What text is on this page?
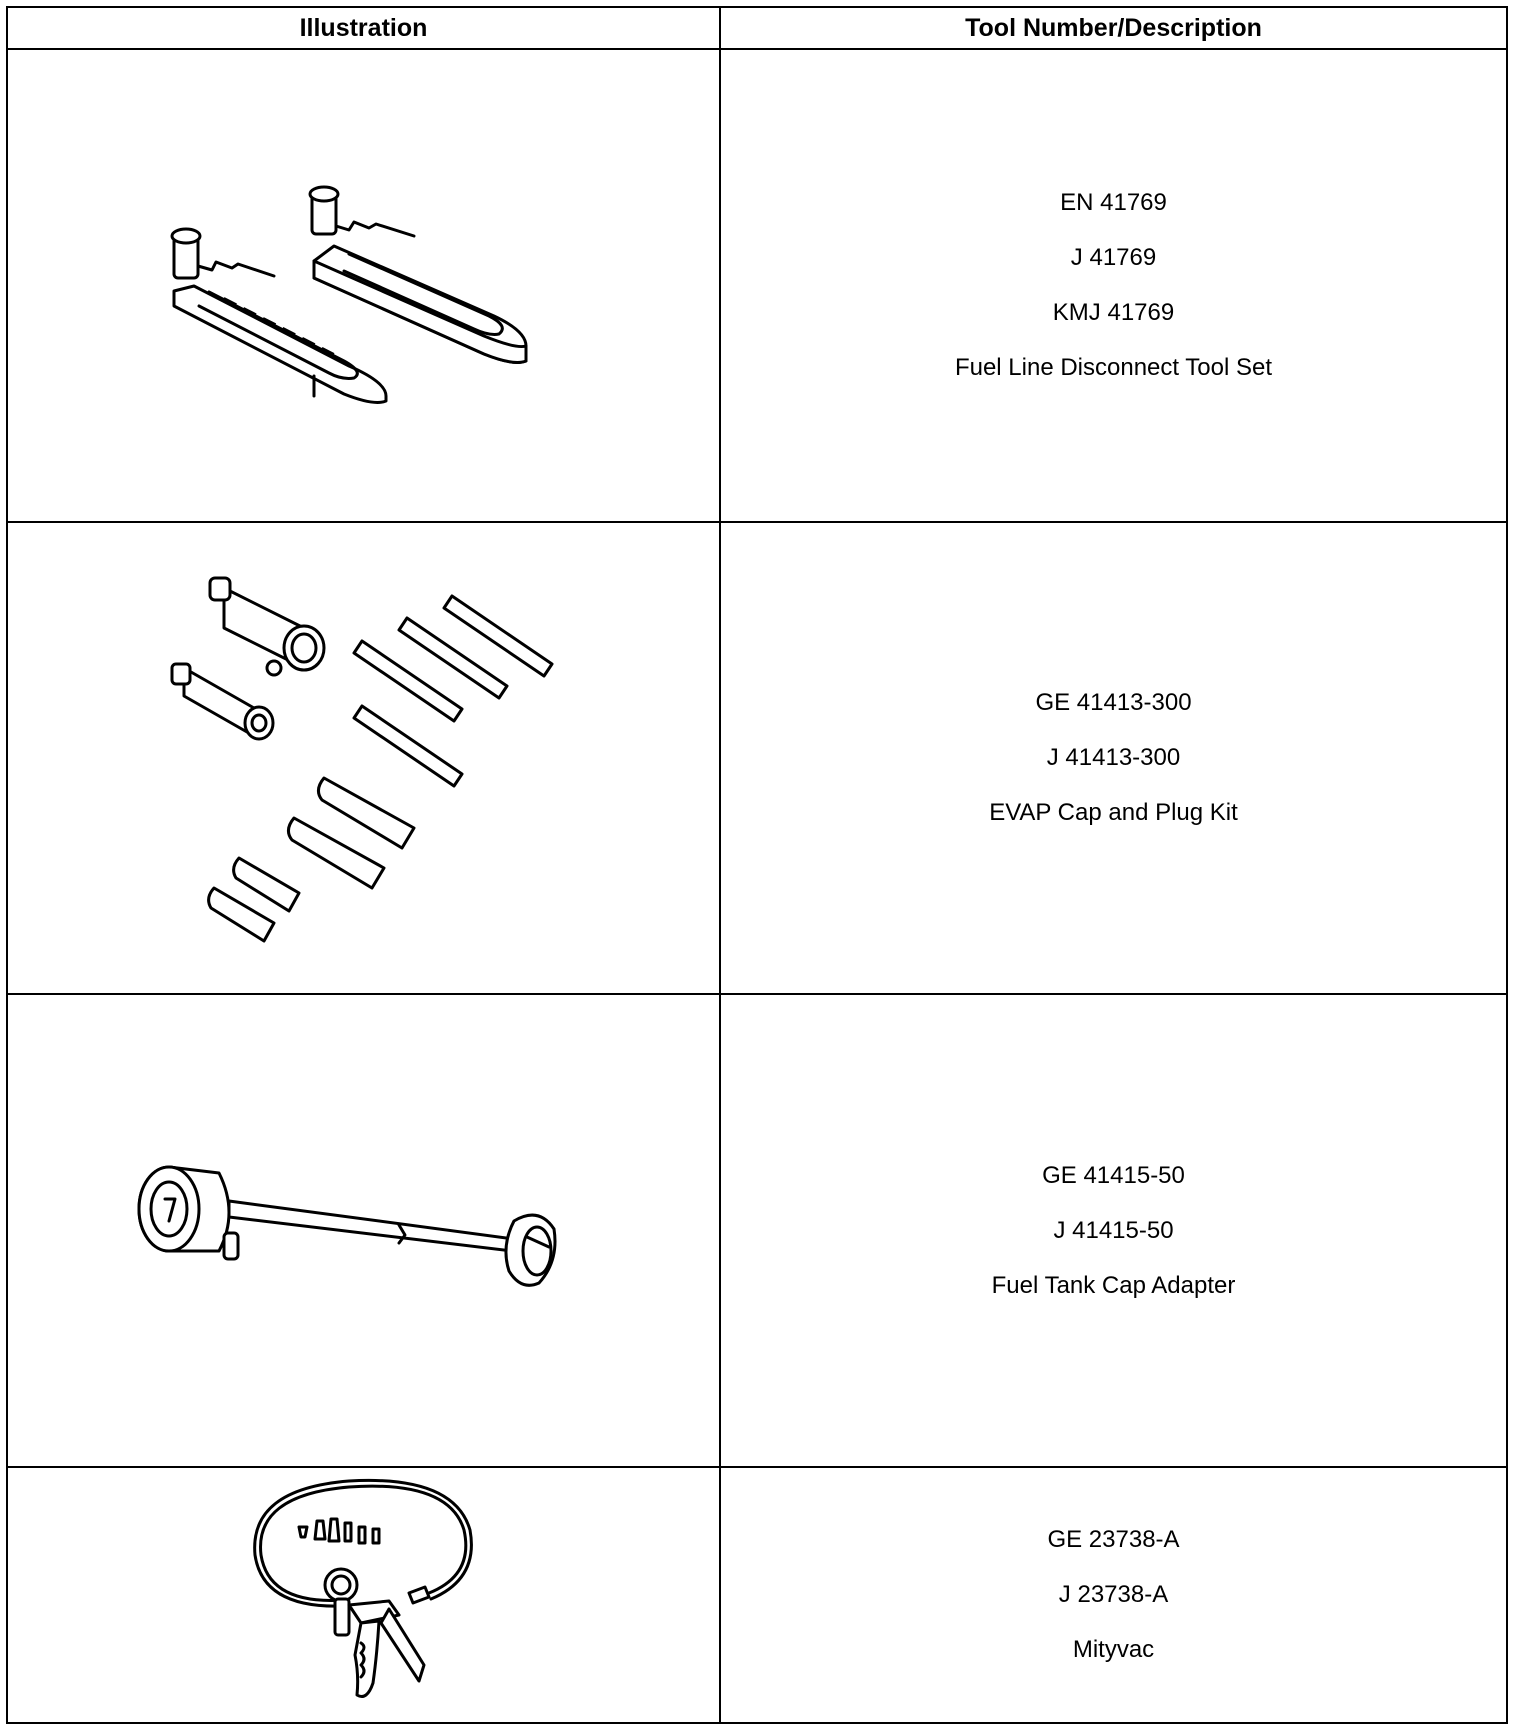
Illustration	Tool Number/Description

EN 41769
J 41769
KMJ 41769
Fuel Line Disconnect Tool Set

GE 41413-300
J 41413-300
EVAP Cap and Plug Kit

GE 41415-50
J 41415-50
Fuel Tank Cap Adapter

GE 23738-A
J 23738-A
Mityvac
